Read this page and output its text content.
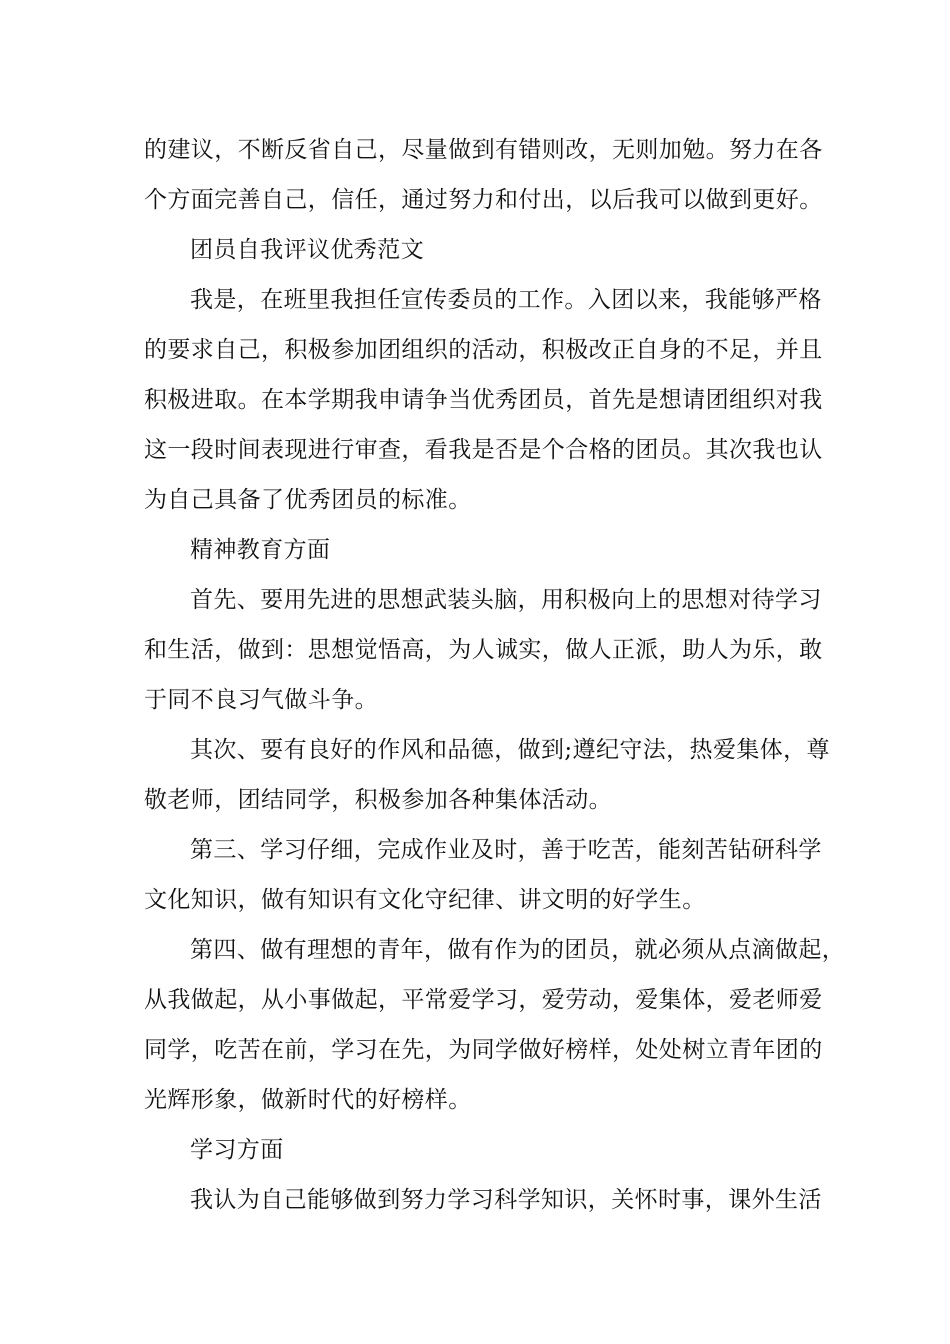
的建议，不断反省自己，尽量做到有错则改，无则加勉。努力在各
个方面完善自己，信任，通过努力和付出，以后我可以做到更好。
团员自我评议优秀范文
我是，在班里我担任宣传委员的工作。入团以来，我能够严格
的要求自己，积极参加团组织的活动，积极改正自身的不足，并且
积极进取。在本学期我申请争当优秀团员，首先是想请团组织对我
这一段时间表现进行审查，看我是否是个合格的团员。其次我也认
为自己具备了优秀团员的标准。
精神教育方面
首先、要用先进的思想武装头脑，用积极向上的思想对待学习
和生活，做到：思想觉悟高，为人诚实，做人正派，助人为乐，敢
于同不良习气做斗争。
其次、要有良好的作风和品德，做到;遵纪守法，热爱集体，尊
敬老师，团结同学，积极参加各种集体活动。
第三、学习仔细，完成作业及时，善于吃苦，能刻苦钻研科学
文化知识，做有知识有文化守纪律、讲文明的好学生。
第四、做有理想的青年，做有作为的团员，就必须从点滴做起，
从我做起，从小事做起，平常爱学习，爱劳动，爱集体，爱老师爱
同学，吃苦在前，学习在先，为同学做好榜样，处处树立青年团的
光辉形象，做新时代的好榜样。
学习方面
我认为自己能够做到努力学习科学知识，关怀时事，课外生活
